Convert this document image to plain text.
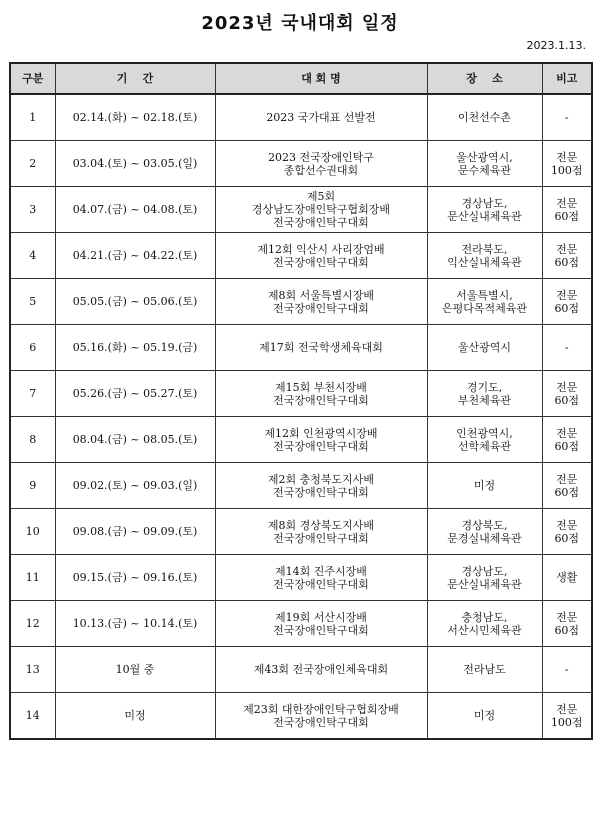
2023년 국내대회 일정
2023.1.13.
구분	기    간	대 회 명	장    소	비고
1	02.14.(화) ~ 02.18.(토)	2023 국가대표 선발전	이천선수촌	-
2	03.04.(토) ~ 03.05.(일)	2023 전국장애인탁구
종합선수권대회	울산광역시,
문수체육관	전문
100점
3	04.07.(금) ~ 04.08.(토)	제5회
경상남도장애인탁구협회장배
전국장애인탁구대회	경상남도,
문산실내체육관	전문
60점
4	04.21.(금) ~ 04.22.(토)	제12회 익산시 사리장엄배
전국장애인탁구대회	전라북도,
익산실내체육관	전문
60점
5	05.05.(금) ~ 05.06.(토)	제8회 서울특별시장배
전국장애인탁구대회	서울특별시,
은평다목적체육관	전문
60점
6	05.16.(화) ~ 05.19.(금)	제17회 전국학생체육대회	울산광역시	-
7	05.26.(금) ~ 05.27.(토)	제15회 부천시장배
전국장애인탁구대회	경기도,
부천체육관	전문
60점
8	08.04.(금) ~ 08.05.(토)	제12회 인천광역시장배
전국장애인탁구대회	인천광역시,
선학체육관	전문
60점
9	09.02.(토) ~ 09.03.(일)	제2회 충청북도지사배
전국장애인탁구대회	미정	전문
60점
10	09.08.(금) ~ 09.09.(토)	제8회 경상북도지사배
전국장애인탁구대회	경상북도,
문경실내체육관	전문
60점
11	09.15.(금) ~ 09.16.(토)	제14회 진주시장배
전국장애인탁구대회	경상남도,
문산실내체육관	생활
12	10.13.(금) ~ 10.14.(토)	제19회 서산시장배
전국장애인탁구대회	충청남도,
서산시민체육관	전문
60점
13	10월 중	제43회 전국장애인체육대회	전라남도	-
14	미정	제23회 대한장애인탁구협회장배
전국장애인탁구대회	미정	전문
100점
